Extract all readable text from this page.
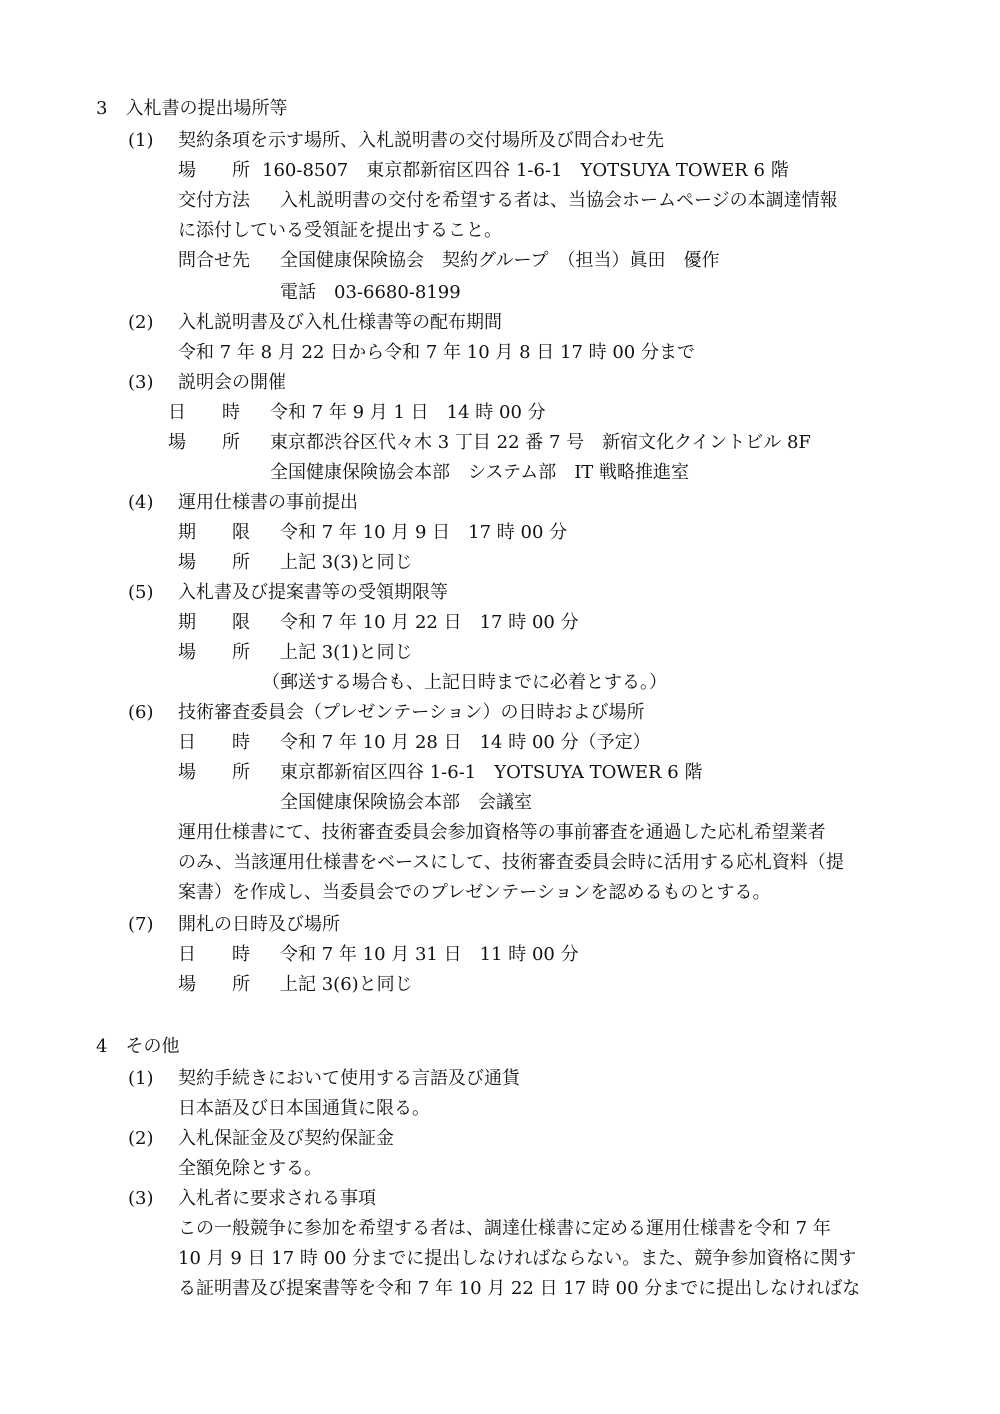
3　入札書の提出場所等
(1) 契約条項を示す場所、入札説明書の交付場所及び問合わせ先
場　　所 160-8507　東京都新宿区四谷 1-6-1　YOTSUYA TOWER 6 階
交付方法 入札説明書の交付を希望する者は、当協会ホームページの本調達情報
に添付している受領証を提出すること。
問合せ先 全国健康保険協会　契約グループ　（担当）眞田　優作
電話　03-6680-8199
(2) 入札説明書及び入札仕様書等の配布期間
令和 7 年 8 月 22 日から令和 7 年 10 月 8 日 17 時 00 分まで
(3) 説明会の開催
日　　時 令和 7 年 9 月 1 日　14 時 00 分
場　　所 東京都渋谷区代々木 3 丁目 22 番 7 号　新宿文化クイントビル 8F
全国健康保険協会本部　システム部　IT 戦略推進室
(4) 運用仕様書の事前提出
期　　限 令和 7 年 10 月 9 日　17 時 00 分
場　　所 上記 3(3)と同じ
(5) 入札書及び提案書等の受領期限等
期　　限 令和 7 年 10 月 22 日　17 時 00 分
場　　所 上記 3(1)と同じ
（郵送する場合も、上記日時までに必着とする。）
(6) 技術審査委員会（プレゼンテーション）の日時および場所
日　　時 令和 7 年 10 月 28 日　14 時 00 分（予定）
場　　所 東京都新宿区四谷 1-6-1　YOTSUYA TOWER 6 階
全国健康保険協会本部　会議室
運用仕様書にて、技術審査委員会参加資格等の事前審査を通過した応札希望業者
のみ、当該運用仕様書をベースにして、技術審査委員会時に活用する応札資料（提
案書）を作成し、当委員会でのプレゼンテーションを認めるものとする。
(7) 開札の日時及び場所
日　　時 令和 7 年 10 月 31 日　11 時 00 分
場　　所 上記 3(6)と同じ
4　その他
(1) 契約手続きにおいて使用する言語及び通貨
日本語及び日本国通貨に限る。
(2) 入札保証金及び契約保証金
全額免除とする。
(3) 入札者に要求される事項
この一般競争に参加を希望する者は、調達仕様書に定める運用仕様書を令和 7 年
10 月 9 日 17 時 00 分までに提出しなければならない。また、競争参加資格に関す
る証明書及び提案書等を令和 7 年 10 月 22 日 17 時 00 分までに提出しなければな
